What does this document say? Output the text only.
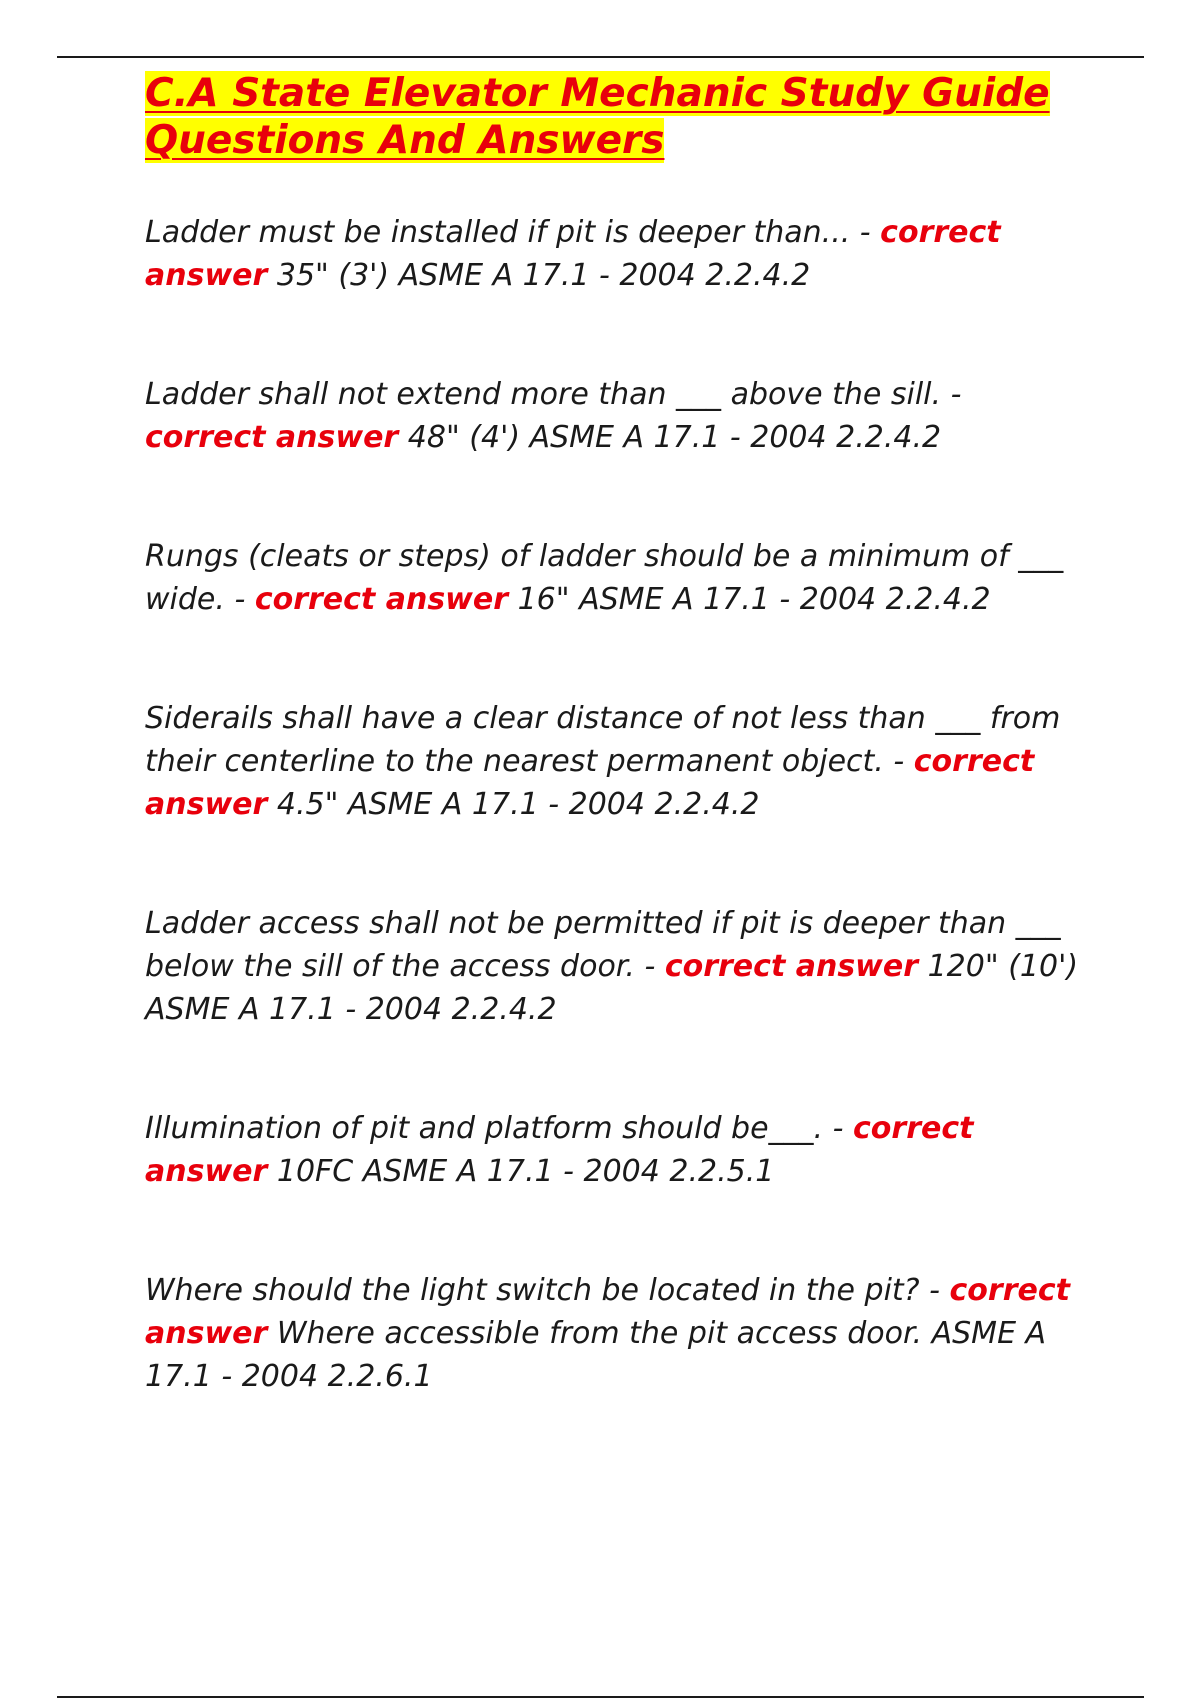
C.A State Elevator Mechanic Study Guide Questions And Answers

Ladder must be installed if pit is deeper than... - correct answer 35" (3') ASME A 17.1 - 2004 2.2.4.2

Ladder shall not extend more than ___ above the sill. - correct answer 48" (4') ASME A 17.1 - 2004 2.2.4.2

Rungs (cleats or steps) of ladder should be a minimum of ___ wide. - correct answer 16" ASME A 17.1 - 2004 2.2.4.2

Siderails shall have a clear distance of not less than ___ from their centerline to the nearest permanent object. - correct answer 4.5" ASME A 17.1 - 2004 2.2.4.2

Ladder access shall not be permitted if pit is deeper than ___ below the sill of the access door. - correct answer 120" (10') ASME A 17.1 - 2004 2.2.4.2

Illumination of pit and platform should be___. - correct answer 10FC ASME A 17.1 - 2004 2.2.5.1

Where should the light switch be located in the pit? - correct answer Where accessible from the pit access door. ASME A 17.1 - 2004 2.2.6.1
